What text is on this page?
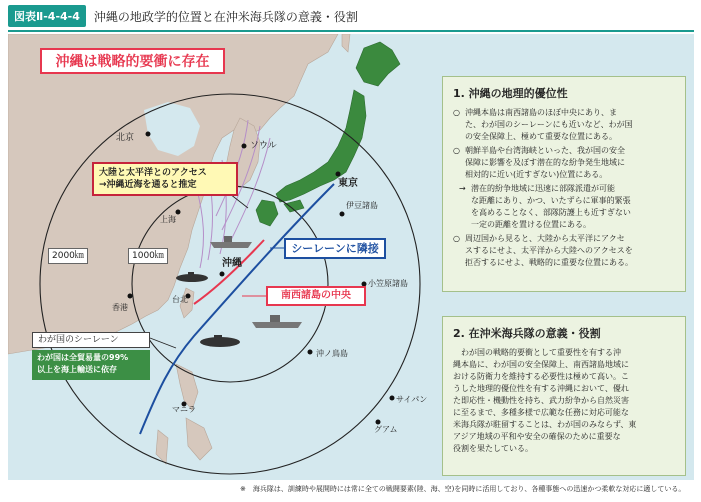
図表Ⅱ-4-4-4	沖縄の地政学的位置と在沖米海兵隊の意義・役割
北京
ソウル
東京
伊豆諸島
上海
沖縄
小笠原諸島
香港
台北
沖ノ鳥島
マニラ
サイパン
グアム
沖縄は戦略的要衝に存在
大陸と太平洋とのアクセス
→沖縄近海を通ると推定
シーレーンに隣接
南西諸島の中央
わが国のシーレーン
わが国は全貿易量の99%
以上を海上輸送に依存
2000㎞	1000㎞
1. 沖縄の地理的優位性
○ 沖縄本島は南西諸島のほぼ中央にあり、ま
た、わが国のシーレーンにも近いなど、わが国
の安全保障上、極めて重要な位置にある。
○ 朝鮮半島や台湾海峡といった、我が国の安全
保障に影響を及ぼす潜在的な紛争発生地域に
相対的に近い(近すぎない)位置にある。
→ 潜在的紛争地域に迅速に部隊派遣が可能
な距離にあり、かつ、いたずらに軍事的緊張
を高めることなく、部隊防護上も近すぎない
一定の距離を置ける位置にある。
○ 周辺国から見ると、大陸から太平洋にアクセ
スするにせよ、太平洋から大陸へのアクセスを
拒否するにせよ、戦略的に重要な位置にある。
2. 在沖米海兵隊の意義・役割
わが国の戦略的要衝として重要性を有する沖
縄本島に、わが国の安全保障上、南西諸島地域に
おける防衛力を維持する必要性は極めて高い。こ
うした地理的優位性を有する沖縄において、優れ
た即応性・機動性を持ち、武力紛争から自然災害
に至るまで、多種多様で広範な任務に対応可能な
米海兵隊が駐留することは、わが国のみならず、東
アジア地域の平和や安全の確保のために重要な
役割を果たしている。
※　海兵隊は、訓練時や展開時には常に全ての戦闘要素(陸、海、空)を同時に活用しており、各種事態への迅速かつ柔軟な対応に適している。
